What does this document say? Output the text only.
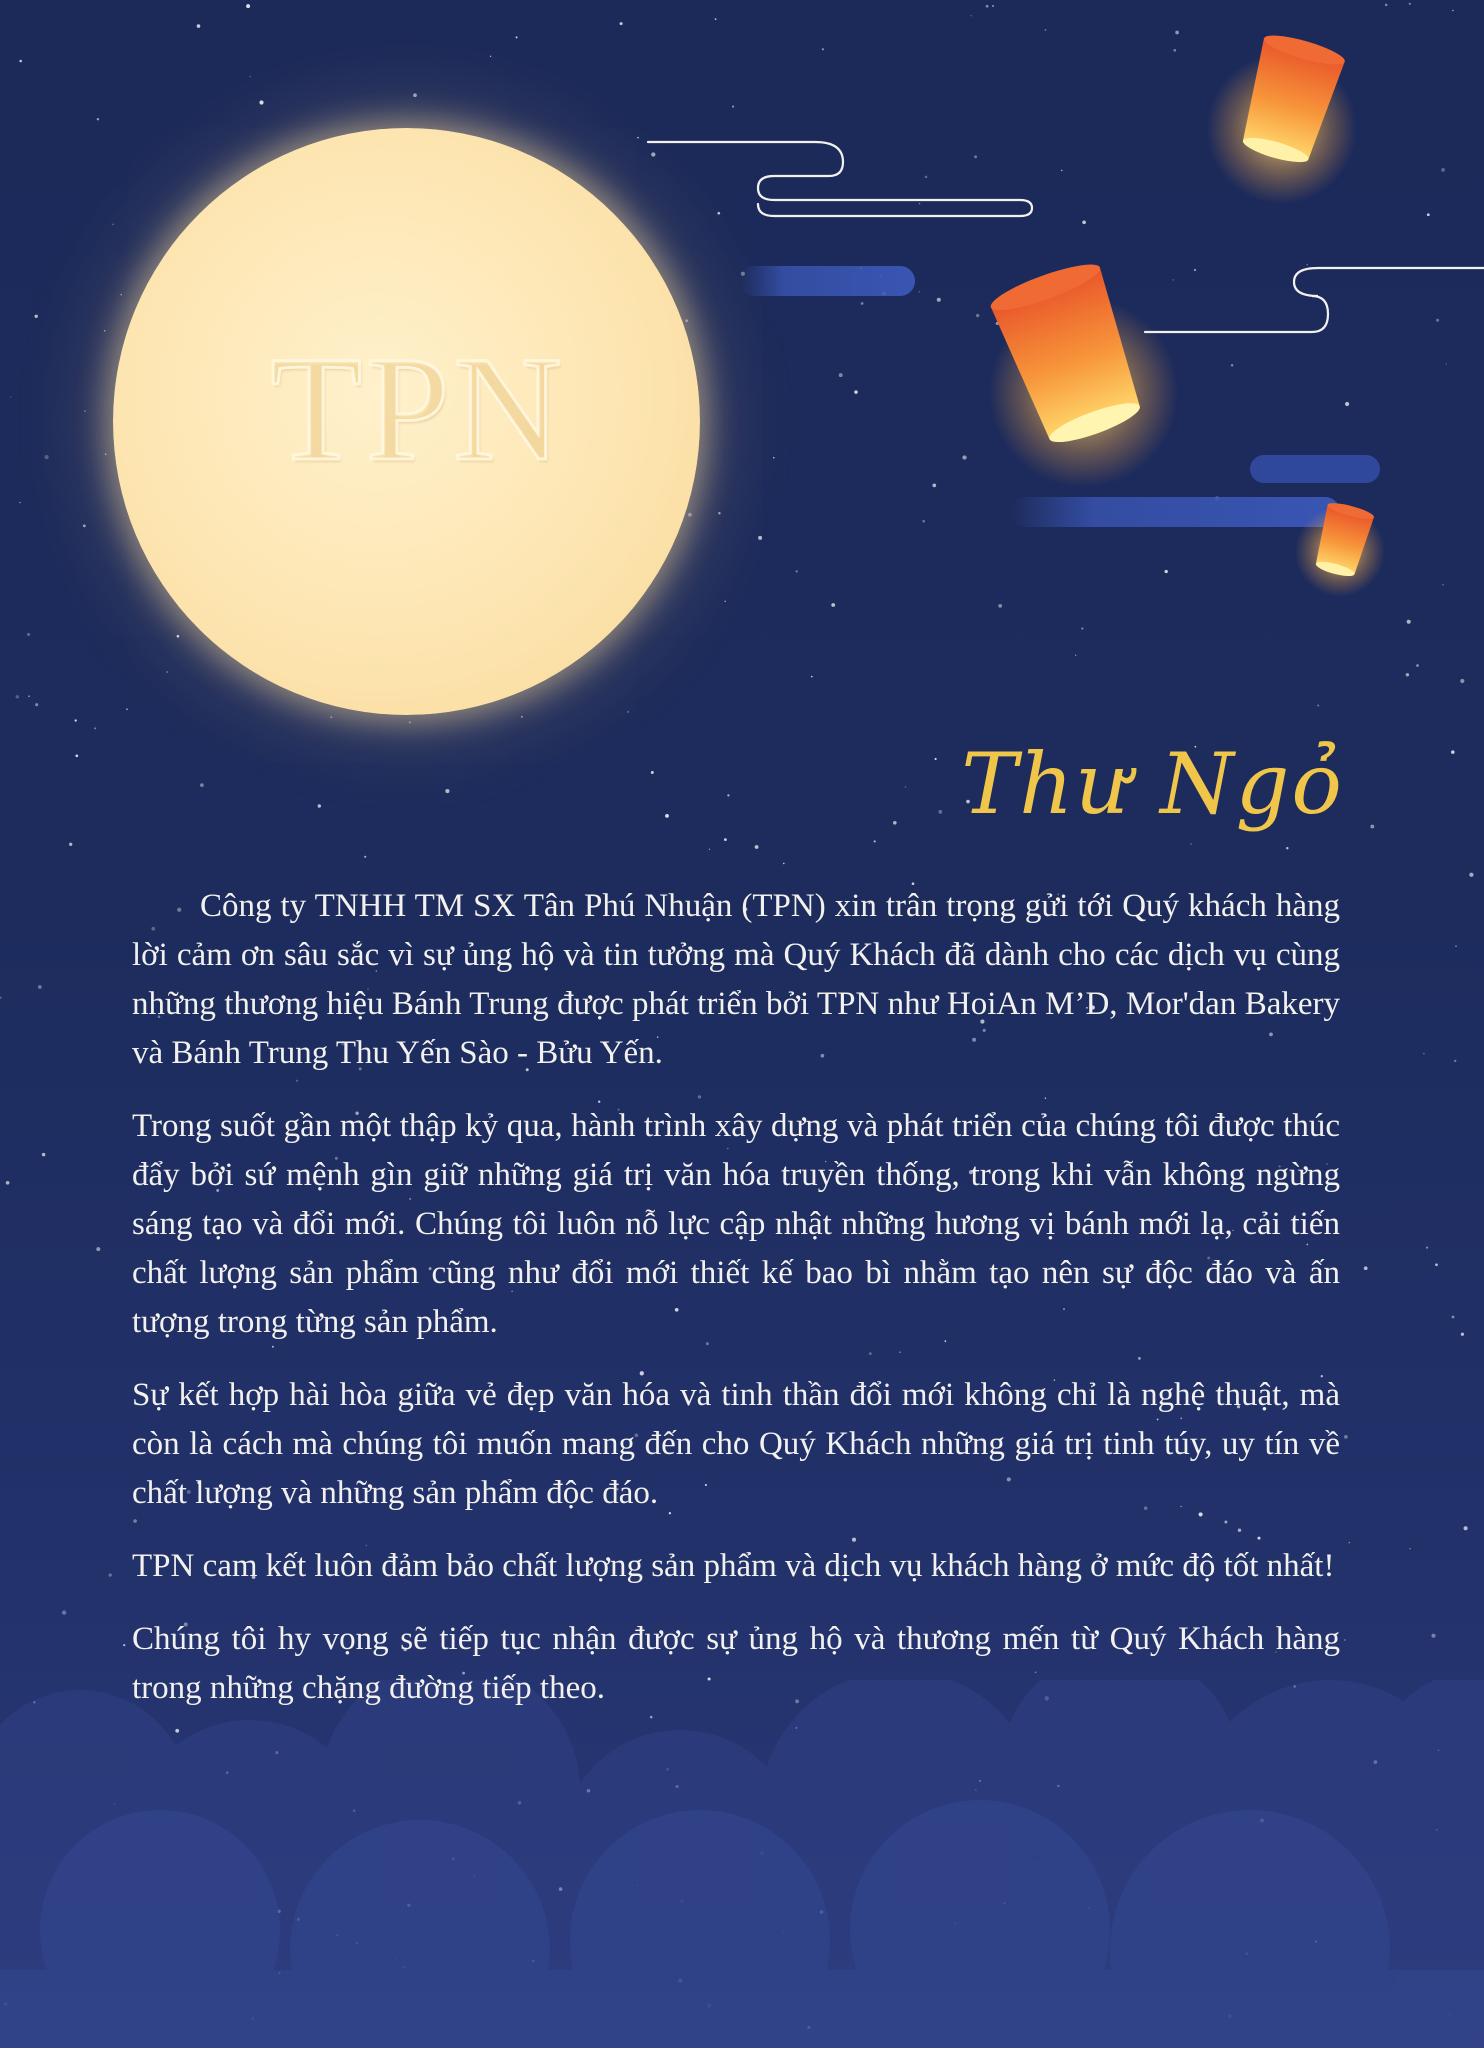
TPN
Thư Ngỏ

Công ty TNHH TM SX Tân Phú Nhuận (TPN) xin trân trọng gửi tới Quý khách hàng lời cảm ơn sâu sắc vì sự ủng hộ và tin tưởng mà Quý Khách đã dành cho các dịch vụ cùng những thương hiệu Bánh Trung được phát triển bởi TPN như HoiAn M’D, Mor'dan Bakery và Bánh Trung Thu Yến Sào - Bửu Yến.

Trong suốt gần một thập kỷ qua, hành trình xây dựng và phát triển của chúng tôi được thúc đẩy bởi sứ mệnh gìn giữ những giá trị văn hóa truyền thống, trong khi vẫn không ngừng sáng tạo và đổi mới. Chúng tôi luôn nỗ lực cập nhật những hương vị bánh mới lạ, cải tiến chất lượng sản phẩm cũng như đổi mới thiết kế bao bì nhằm tạo nên sự độc đáo và ấn tượng trong từng sản phẩm.

Sự kết hợp hài hòa giữa vẻ đẹp văn hóa và tinh thần đổi mới không chỉ là nghệ thuật, mà còn là cách mà chúng tôi muốn mang đến cho Quý Khách những giá trị tinh túy, uy tín về chất lượng và những sản phẩm độc đáo.

TPN cam kết luôn đảm bảo chất lượng sản phẩm và dịch vụ khách hàng ở mức độ tốt nhất!

Chúng tôi hy vọng sẽ tiếp tục nhận được sự ủng hộ và thương mến từ Quý Khách hàng trong những chặng đường tiếp theo.
